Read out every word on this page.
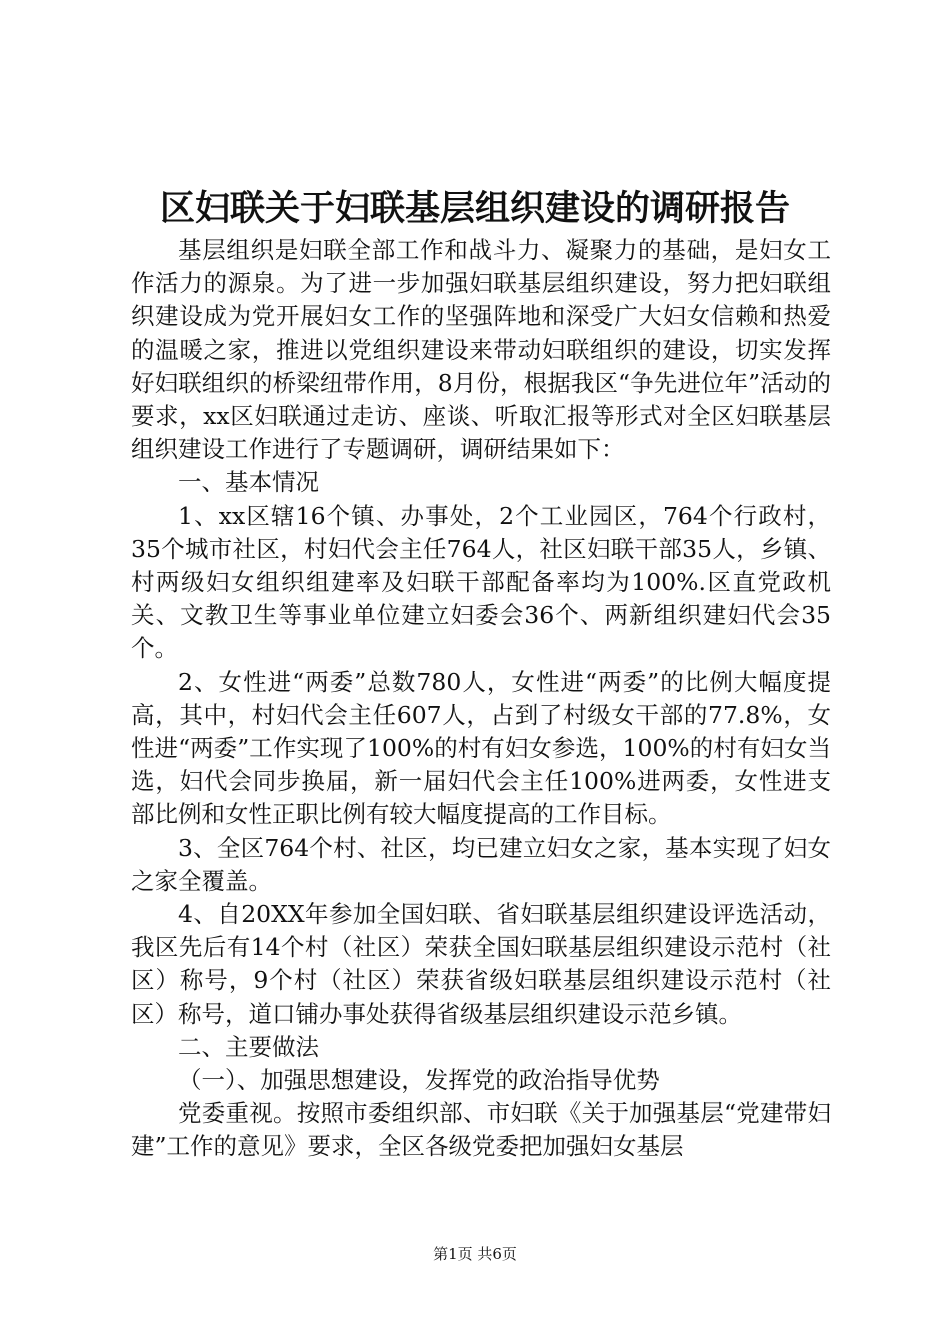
区妇联关于妇联基层组织建设的调研报告

基层组织是妇联全部工作和战斗力、凝聚力的基础，是妇女工作活力的源泉。为了进一步加强妇联基层组织建设，努力把妇联组织建设成为党开展妇女工作的坚强阵地和深受广大妇女信赖和热爱的温暖之家，推进以党组织建设来带动妇联组织的建设，切实发挥好妇联组织的桥梁纽带作用，8月份，根据我区“争先进位年”活动的要求，xx区妇联通过走访、座谈、听取汇报等形式对全区妇联基层组织建设工作进行了专题调研，调研结果如下：

一、基本情况

1、xx区辖16个镇、办事处，2个工业园区，764个行政村，35个城市社区，村妇代会主任764人，社区妇联干部35人，乡镇、村两级妇女组织组建率及妇联干部配备率均为100%.区直党政机关、文教卫生等事业单位建立妇委会36个、两新组织建妇代会35个。

2、女性进“两委”总数780人，女性进“两委”的比例大幅度提高，其中，村妇代会主任607人，占到了村级女干部的77.8%，女性进“两委”工作实现了100%的村有妇女参选，100%的村有妇女当选，妇代会同步换届，新一届妇代会主任100%进两委，女性进支部比例和女性正职比例有较大幅度提高的工作目标。

3、全区764个村、社区，均已建立妇女之家，基本实现了妇女之家全覆盖。

4、自20XX年参加全国妇联、省妇联基层组织建设评选活动，我区先后有14个村（社区）荣获全国妇联基层组织建设示范村（社区）称号，9个村（社区）荣获省级妇联基层组织建设示范村（社区）称号，道口铺办事处获得省级基层组织建设示范乡镇。

二、主要做法

（一）、加强思想建设，发挥党的政治指导优势

党委重视。按照市委组织部、市妇联《关于加强基层“党建带妇建”工作的意见》要求，全区各级党委把加强妇女基层

第1页 共6页
